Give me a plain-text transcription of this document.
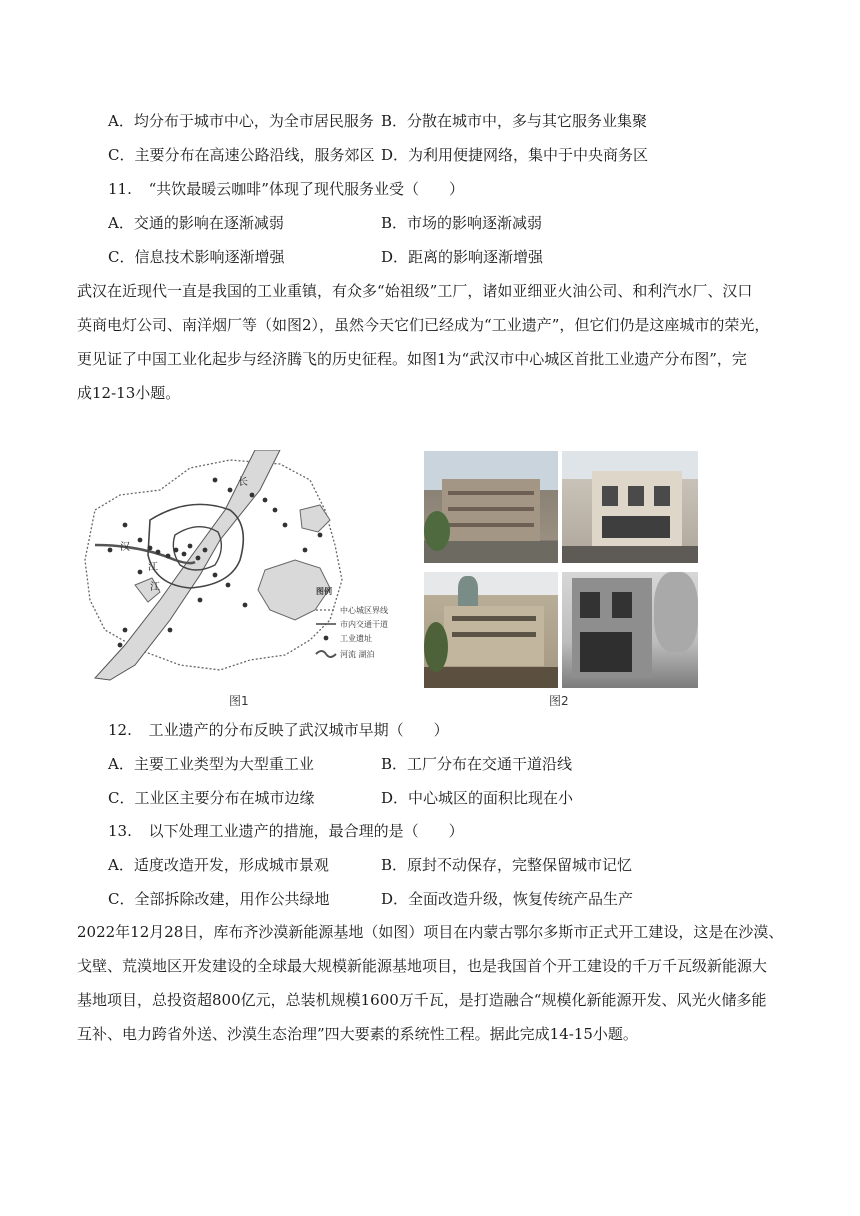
A．均分布于城市中心，为全市居民服务 B．分散在城市中，多与其它服务业集聚
C．主要分布在高速公路沿线，服务郊区 D．为利用便捷网络，集中于中央商务区
11. “共饮最暖云咖啡”体现了现代服务业受（　　）
A．交通的影响在逐渐减弱	B．市场的影响逐渐减弱
C．信息技术影响逐渐增强	D．距离的影响逐渐增强
武汉在近现代一直是我国的工业重镇，有众多“始祖级”工厂，诸如亚细亚火油公司、和利汽水厂、汉口
英商电灯公司、南洋烟厂等（如图2），虽然今天它们已经成为“工业遗产”，但它们仍是这座城市的荣光，
更见证了中国工业化起步与经济腾飞的历史征程。如图1为“武汉市中心城区首批工业遗产分布图”，完
成12-13小题。
长
汉
江
江	图例
中心城区界线
市内交通干道
工业遗址
河流 湖泊
图1	图2
12. 工业遗产的分布反映了武汉城市早期（　　）
A．主要工业类型为大型重工业	B．工厂分布在交通干道沿线
C．工业区主要分布在城市边缘	D．中心城区的面积比现在小
13. 以下处理工业遗产的措施，最合理的是（　　）
A．适度改造开发，形成城市景观	B．原封不动保存，完整保留城市记忆
C．全部拆除改建，用作公共绿地	D．全面改造升级，恢复传统产品生产
2022年12月28日，库布齐沙漠新能源基地（如图）项目在内蒙古鄂尔多斯市正式开工建设，这是在沙漠、
戈壁、荒漠地区开发建设的全球最大规模新能源基地项目，也是我国首个开工建设的千万千瓦级新能源大
基地项目，总投资超800亿元，总装机规模1600万千瓦，是打造融合“规模化新能源开发、风光火储多能
互补、电力跨省外送、沙漠生态治理”四大要素的系统性工程。据此完成14-15小题。
